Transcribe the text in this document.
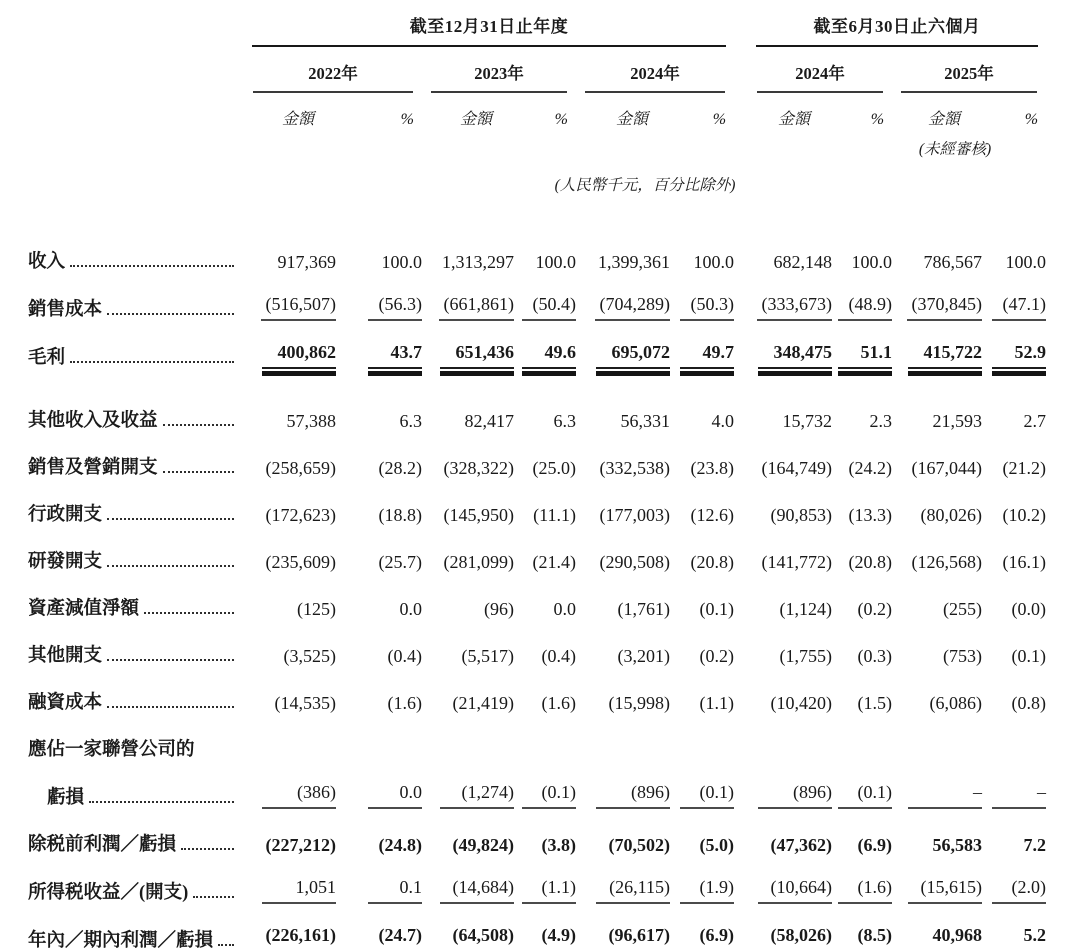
	截至12月31日止年度							截至6月30日止六個月			

	2022年		2023年		2024年			2024年		2025年	

	金額	%	金額	%	金額	%		金額	%	金額	%
										(未經審核)	
	(人民幣千元，百分比除外)										

收入	917,369	100.0	1,313,297	100.0	1,399,361	100.0		682,148	100.0	786,567	100.0

銷售成本	(516,507)	(56.3)	(661,861)	(50.4)	(704,289)	(50.3)		(333,673)	(48.9)	(370,845)	(47.1)

毛利	400,862	43.7	651,436	49.6	695,072	49.7		348,475	51.1	415,722	52.9

其他收入及收益	57,388	6.3	82,417	6.3	56,331	4.0		15,732	2.3	21,593	2.7

銷售及營銷開支	(258,659)	(28.2)	(328,322)	(25.0)	(332,538)	(23.8)		(164,749)	(24.2)	(167,044)	(21.2)

行政開支	(172,623)	(18.8)	(145,950)	(11.1)	(177,003)	(12.6)		(90,853)	(13.3)	(80,026)	(10.2)

研發開支	(235,609)	(25.7)	(281,099)	(21.4)	(290,508)	(20.8)		(141,772)	(20.8)	(126,568)	(16.1)

資產減值淨額	(125)	0.0	(96)	0.0	(1,761)	(0.1)		(1,124)	(0.2)	(255)	(0.0)

其他開支	(3,525)	(0.4)	(5,517)	(0.4)	(3,201)	(0.2)		(1,755)	(0.3)	(753)	(0.1)

融資成本	(14,535)	(1.6)	(21,419)	(1.6)	(15,998)	(1.1)		(10,420)	(1.5)	(6,086)	(0.8)

應佔一家聯營公司的											

虧損	(386)	0.0	(1,274)	(0.1)	(896)	(0.1)		(896)	(0.1)	–	–

除税前利潤／虧損	(227,212)	(24.8)	(49,824)	(3.8)	(70,502)	(5.0)		(47,362)	(6.9)	56,583	7.2

所得税收益／(開支)	1,051	0.1	(14,684)	(1.1)	(26,115)	(1.9)		(10,664)	(1.6)	(15,615)	(2.0)

年內／期內利潤／虧損	(226,161)	(24.7)	(64,508)	(4.9)	(96,617)	(6.9)		(58,026)	(8.5)	40,968	5.2
